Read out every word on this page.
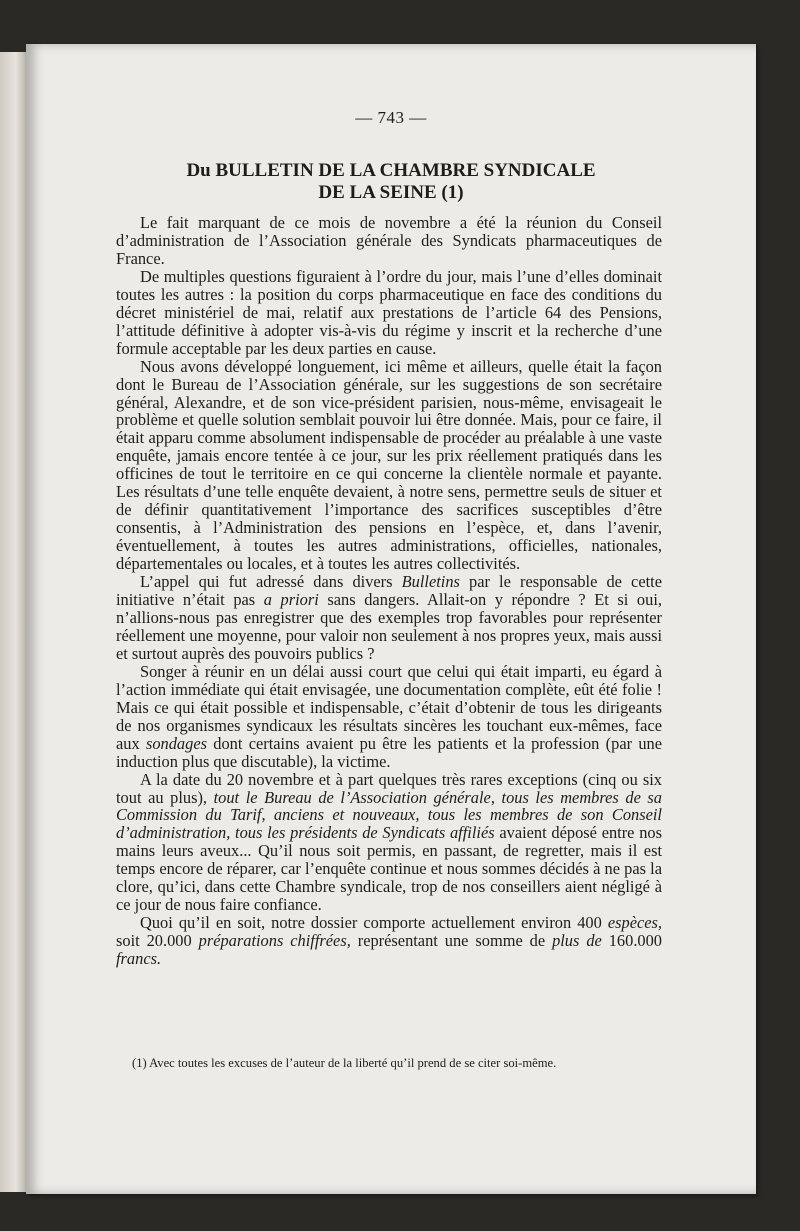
— 743 —
Du BULLETIN DE LA CHAMBRE SYNDICALE
DE LA SEINE (1)

Le fait marquant de ce mois de novembre a été la réunion du Conseil d’administration de l’Association générale des Syndicats pharmaceutiques de France.

De multiples questions figuraient à l’ordre du jour, mais l’une d’elles dominait toutes les autres : la position du corps pharmaceutique en face des conditions du décret ministériel de mai, relatif aux prestations de l’article 64 des Pensions, l’attitude définitive à adopter vis-à-vis du régime y inscrit et la recherche d’une formule acceptable par les deux parties en cause.

Nous avons développé longuement, ici même et ailleurs, quelle était la façon dont le Bureau de l’Association générale, sur les suggestions de son secrétaire général, Alexandre, et de son vice-président parisien, nous-même, envisageait le problème et quelle solution semblait pouvoir lui être donnée. Mais, pour ce faire, il était apparu comme absolument indispensable de procéder au préalable à une vaste enquête, jamais encore tentée à ce jour, sur les prix réellement pratiqués dans les officines de tout le territoire en ce qui concerne la clientèle normale et payante. Les résultats d’une telle enquête devaient, à notre sens, permettre seuls de situer et de définir quantitativement l’importance des sacrifices susceptibles d’être consentis, à l’Administration des pensions en l’espèce, et, dans l’avenir, éventuellement, à toutes les autres administrations, officielles, nationales, départementales ou locales, et à toutes les autres collectivités.

L’appel qui fut adressé dans divers Bulletins par le responsable de cette initiative n’était pas a priori sans dangers. Allait-on y répondre ? Et si oui, n’allions-nous pas enregistrer que des exemples trop favorables pour représenter réellement une moyenne, pour valoir non seulement à nos propres yeux, mais aussi et surtout auprès des pouvoirs publics ?

Songer à réunir en un délai aussi court que celui qui était imparti, eu égard à l’action immédiate qui était envisagée, une documentation complète, eût été folie ! Mais ce qui était possible et indispensable, c’était d’obtenir de tous les dirigeants de nos organismes syndicaux les résultats sincères les touchant eux-mêmes, face aux sondages dont certains avaient pu être les patients et la profession (par une induction plus que discutable), la victime.

A la date du 20 novembre et à part quelques très rares exceptions (cinq ou six tout au plus), tout le Bureau de l’Association générale, tous les membres de sa Commission du Tarif, anciens et nouveaux, tous les membres de son Conseil d’administration, tous les présidents de Syndicats affiliés avaient déposé entre nos mains leurs aveux... Qu’il nous soit permis, en passant, de regretter, mais il est temps encore de réparer, car l’enquête continue et nous sommes décidés à ne pas la clore, qu’ici, dans cette Chambre syndicale, trop de nos conseillers aient négligé à ce jour de nous faire confiance.

Quoi qu’il en soit, notre dossier comporte actuellement environ 400 espèces, soit 20.000 préparations chiffrées, représentant une somme de plus de 160.000 francs.

(1) Avec toutes les excuses de l’auteur de la liberté qu’il prend de se citer soi-même.
